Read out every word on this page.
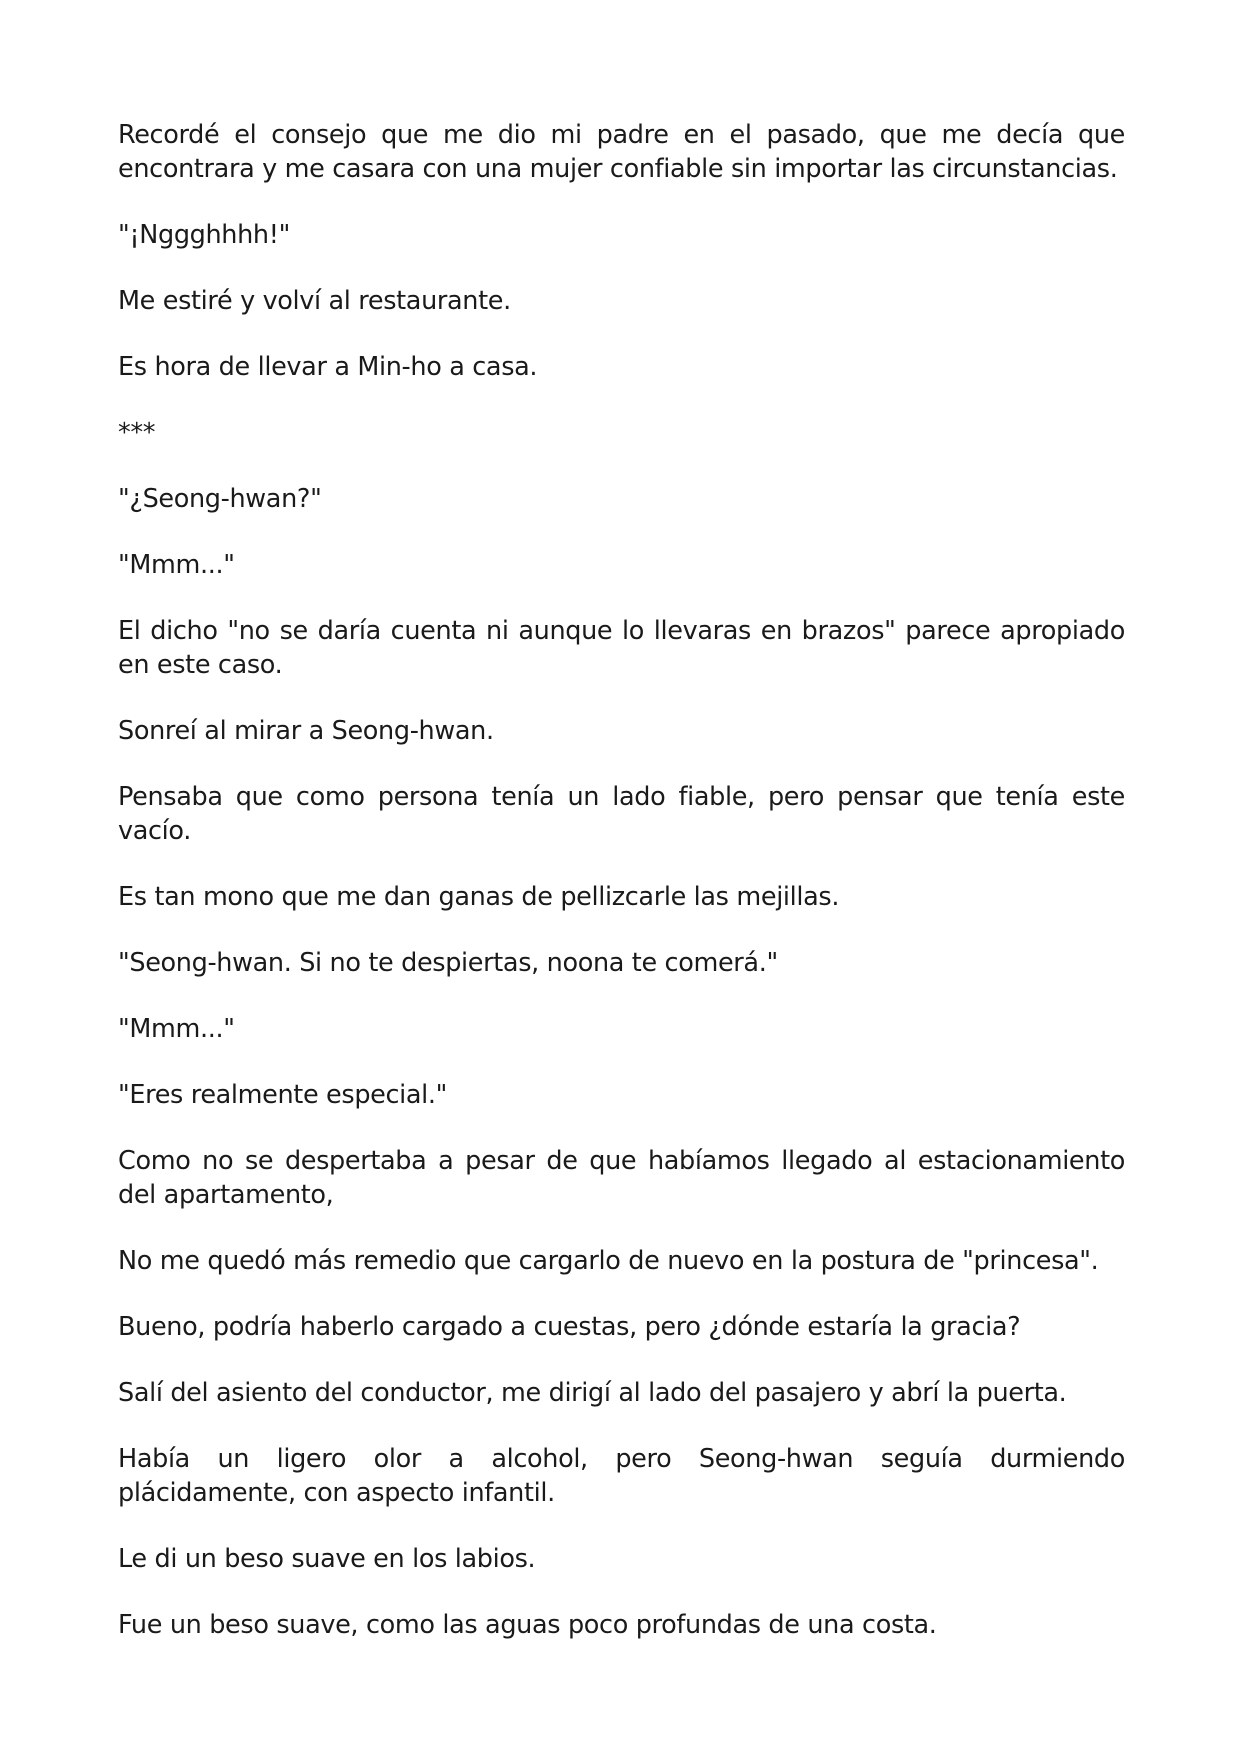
Recordé el consejo que me dio mi padre en el pasado, que me decía que encontrara y me casara con una mujer confiable sin importar las circunstancias.

"¡Nggghhhh!"

Me estiré y volví al restaurante.

Es hora de llevar a Min-ho a casa.

***

"¿Seong-hwan?"

"Mmm..."

El dicho "no se daría cuenta ni aunque lo llevaras en brazos" parece apropiado en este caso.

Sonreí al mirar a Seong-hwan.

Pensaba que como persona tenía un lado fiable, pero pensar que tenía este vacío.

Es tan mono que me dan ganas de pellizcarle las mejillas.

"Seong-hwan. Si no te despiertas, noona te comerá."

"Mmm..."

"Eres realmente especial."

Como no se despertaba a pesar de que habíamos llegado al estacionamiento del apartamento,

No me quedó más remedio que cargarlo de nuevo en la postura de "princesa".

Bueno, podría haberlo cargado a cuestas, pero ¿dónde estaría la gracia?

Salí del asiento del conductor, me dirigí al lado del pasajero y abrí la puerta.

Había un ligero olor a alcohol, pero Seong-hwan seguía durmiendo plácidamente, con aspecto infantil.

Le di un beso suave en los labios.

Fue un beso suave, como las aguas poco profundas de una costa.
